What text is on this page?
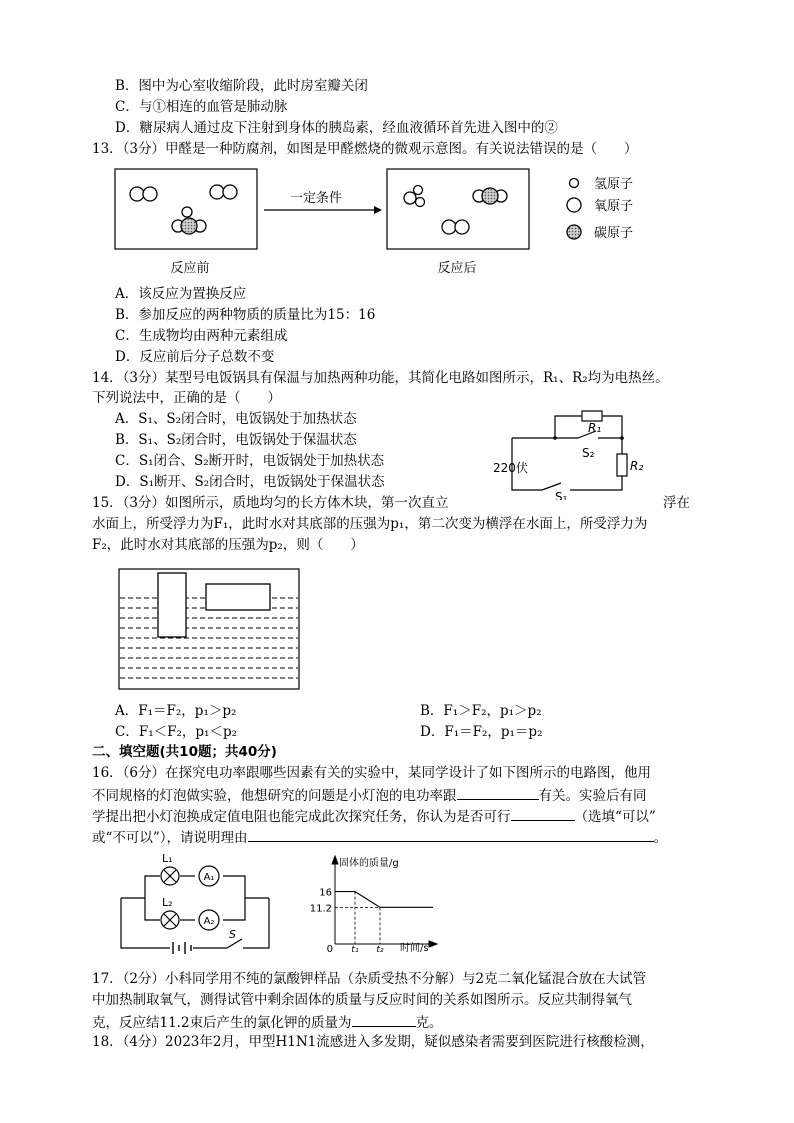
B．图中为心室收缩阶段，此时房室瓣关闭
C．与①相连的血管是肺动脉
D．糖尿病人通过皮下注射到身体的胰岛素，经血液循环首先进入图中的②
13．（3分）甲醛是一种防腐剂，如图是甲醛燃烧的微观示意图。有关说法错误的是（　　）
一定条件
氢原子
氧原子
碳原子
反应前	反应后
A．该反应为置换反应
B．参加反应的两种物质的质量比为15：16
C．生成物均由两种元素组成
D．反应前后分子总数不变
14．（3分）某型号电饭锅具有保温与加热两种功能，其简化电路如图所示，R₁、R₂均为电热丝。
下列说法中，正确的是（　　）
A．S₁、S₂闭合时，电饭锅处于加热状态
B．S₁、S₂闭合时，电饭锅处于保温状态
C．S₁闭合、S₂断开时，电饭锅处于加热状态
D．S₁断开、S₂闭合时，电饭锅处于保温状态
R₁
S₂
R₂
220伏
S₁
15．（3分）如图所示，质地均匀的长方体木块，第一次直立	浮在
水面上，所受浮力为F₁，此时水对其底部的压强为p₁，第二次变为横浮在水面上，所受浮力为
F₂，此时水对其底部的压强为p₂，则（　　）
A．F₁＝F₂，p₁＞p₂	B．F₁＞F₂，p₁＞p₂
C．F₁＜F₂，p₁＜p₂	D．F₁＝F₂，p₁＝p₂
二、填空题(共10题；共40分)
16．（6分）在探究电功率跟哪些因素有关的实验中，某同学设计了如下图所示的电路图，他用
不同规格的灯泡做实验，他想研究的问题是小灯泡的电功率跟	有关。实验后有同
学提出把小灯泡换成定值电阻也能完成此次探究任务，你认为是否可行	（选填“可以”
或“不可以”），请说明理由	。
L₁
L₂
A₁
A₂
S
固体的质量/g
时间/s
16
11.2
0 t₁ t₂
17．（2分）小科同学用不纯的氯酸钾样品（杂质受热不分解）与2克二氧化锰混合放在大试管
中加热制取氧气，测得试管中剩余固体的质量与反应时间的关系如图所示。反应共制得氧气
克，反应结11.2束后产生的氯化钾的质量为	克。
18．（4分）2023年2月，甲型H1N1流感进入多发期，疑似感染者需要到医院进行核酸检测，
